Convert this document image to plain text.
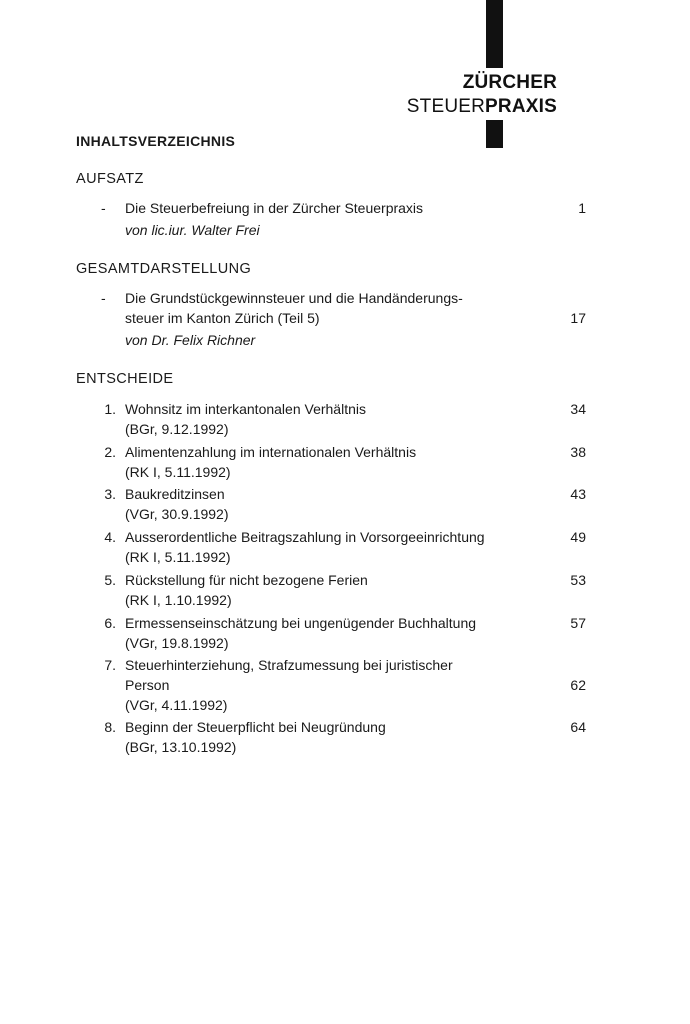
ZÜRCHER
STEUERPRAXIS
INHALTSVERZEICHNIS
AUFSATZ
- Die Steuerbefreiung in der Zürcher Steuerpraxis	1
von lic.iur. Walter Frei
GESAMTDARSTELLUNG
- Die Grundstückgewinnsteuer und die Handänderungs-
steuer im Kanton Zürich (Teil 5)	17
von Dr. Felix Richner
ENTSCHEIDE
1. Wohnsitz im interkantonalen Verhältnis	34
(BGr, 9.12.1992)
2. Alimentenzahlung im internationalen Verhältnis	38
(RK I, 5.11.1992)
3. Baukreditzinsen	43
(VGr, 30.9.1992)
4. Ausserordentliche Beitragszahlung in Vorsorgeeinrichtung	49
(RK I, 5.11.1992)
5. Rückstellung für nicht bezogene Ferien	53
(RK I, 1.10.1992)
6. Ermessenseinschätzung bei ungenügender Buchhaltung	57
(VGr, 19.8.1992)
7. Steuerhinterziehung, Strafzumessung bei juristischer
Person	62
(VGr, 4.11.1992)
8. Beginn der Steuerpflicht bei Neugründung	64
(BGr, 13.10.1992)
